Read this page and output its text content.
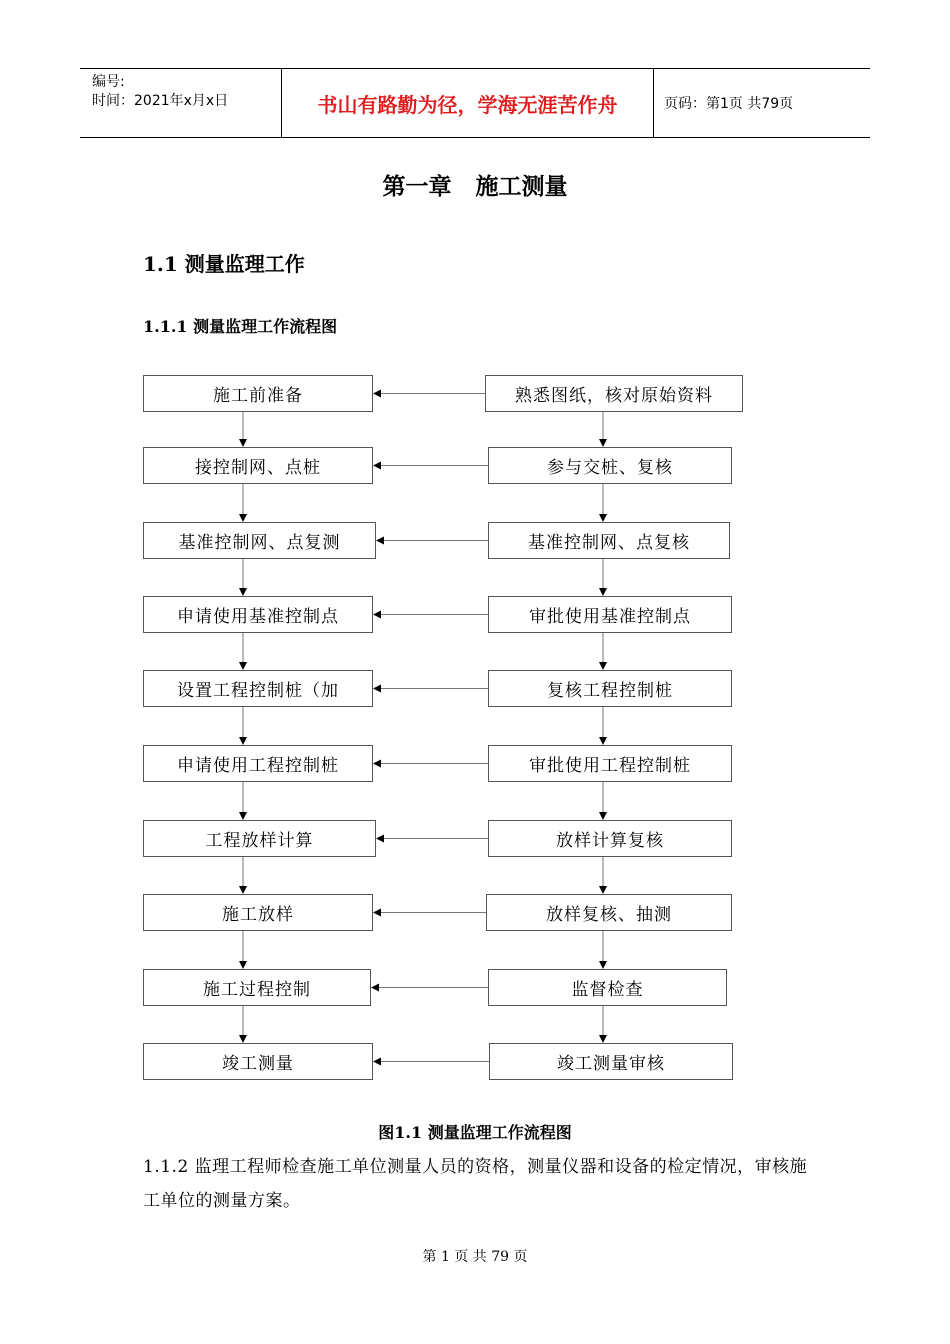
编号:
时间：2021年x月x日	书山有路勤为径，学海无涯苦作舟	页码：第1页 共79页
第一章 施工测量
1.1 测量监理工作
1.1.1 测量监理工作流程图
施工前准备	熟悉图纸，核对原始资料
接控制网、点桩	参与交桩、复核
基准控制网、点复测	基准控制网、点复核
申请使用基准控制点	审批使用基准控制点
设置工程控制桩（加	复核工程控制桩
申请使用工程控制桩	审批使用工程控制桩
工程放样计算	放样计算复核
施工放样	放样复核、抽测
施工过程控制	监督检查
竣工测量	竣工测量审核
图1.1 测量监理工作流程图
1.1.2 监理工程师检查施工单位测量人员的资格，测量仪器和设备的检定情况，审核施工单位的测量方案。
第 1 页 共 79 页
